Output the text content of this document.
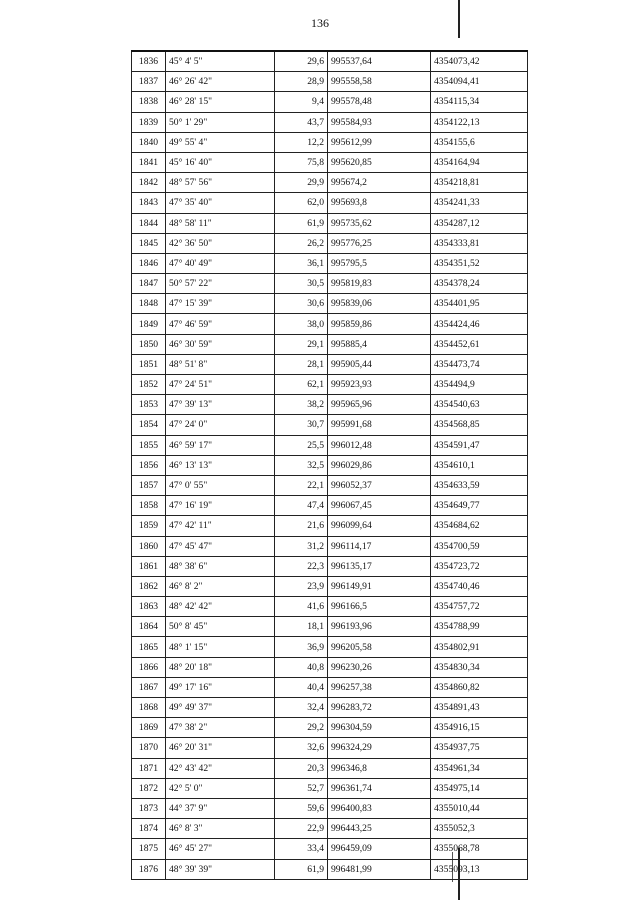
136
1836	45° 4' 5"	29,6	995537,64	4354073,42
1837	46° 26' 42"	28,9	995558,58	4354094,41
1838	46° 28' 15"	9,4	995578,48	4354115,34
1839	50° 1' 29"	43,7	995584,93	4354122,13
1840	49° 55' 4"	12,2	995612,99	4354155,6
1841	45° 16' 40"	75,8	995620,85	4354164,94
1842	48° 57' 56"	29,9	995674,2	4354218,81
1843	47° 35' 40"	62,0	995693,8	4354241,33
1844	48° 58' 11"	61,9	995735,62	4354287,12
1845	42° 36' 50"	26,2	995776,25	4354333,81
1846	47° 40' 49"	36,1	995795,5	4354351,52
1847	50° 57' 22"	30,5	995819,83	4354378,24
1848	47° 15' 39"	30,6	995839,06	4354401,95
1849	47° 46' 59"	38,0	995859,86	4354424,46
1850	46° 30' 59"	29,1	995885,4	4354452,61
1851	48° 51' 8"	28,1	995905,44	4354473,74
1852	47° 24' 51"	62,1	995923,93	4354494,9
1853	47° 39' 13"	38,2	995965,96	4354540,63
1854	47° 24' 0"	30,7	995991,68	4354568,85
1855	46° 59' 17"	25,5	996012,48	4354591,47
1856	46° 13' 13"	32,5	996029,86	4354610,1
1857	47° 0' 55"	22,1	996052,37	4354633,59
1858	47° 16' 19"	47,4	996067,45	4354649,77
1859	47° 42' 11"	21,6	996099,64	4354684,62
1860	47° 45' 47"	31,2	996114,17	4354700,59
1861	48° 38' 6"	22,3	996135,17	4354723,72
1862	46° 8' 2"	23,9	996149,91	4354740,46
1863	48° 42' 42"	41,6	996166,5	4354757,72
1864	50° 8' 45"	18,1	996193,96	4354788,99
1865	48° 1' 15"	36,9	996205,58	4354802,91
1866	48° 20' 18"	40,8	996230,26	4354830,34
1867	49° 17' 16"	40,4	996257,38	4354860,82
1868	49° 49' 37"	32,4	996283,72	4354891,43
1869	47° 38' 2"	29,2	996304,59	4354916,15
1870	46° 20' 31"	32,6	996324,29	4354937,75
1871	42° 43' 42"	20,3	996346,8	4354961,34
1872	42° 5' 0"	52,7	996361,74	4354975,14
1873	44° 37' 9"	59,6	996400,83	4355010,44
1874	46° 8' 3"	22,9	996443,25	4355052,3
1875	46° 45' 27"	33,4	996459,09	4355068,78
1876	48° 39' 39"	61,9	996481,99	4355093,13
